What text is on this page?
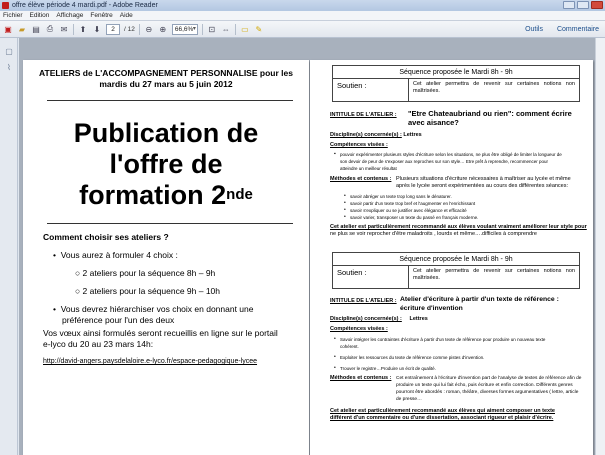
offre élève période 4 mardi.pdf - Adobe Reader
Fichier Edition Affichage Fenêtre Aide
▣ ▰ ▤ ⎙ ✉ ⬆ ⬇	2	/ 12 ⊖ ⊕	66,6% ▾	⊡ ⇔ ▭ ✎	Outils Commentaire
▢
⌇
ATELIERS de L'ACCOMPAGNEMENT PERSONNALISE pour les
mardis du 27 mars au 5 juin 2012
Publication de
l'offre de
formation 2nde
Comment choisir ses ateliers ?
•  Vous aurez à formuler 4 choix :
○ 2 ateliers pour la séquence 8h – 9h
○ 2 ateliers pour la séquence 9h – 10h
•  Vous devrez hiérarchiser vos choix en donnant une
préférence pour l'un des deux
Vos vœux ainsi formulés seront recueillis en ligne sur le portail
e-lyco du 20 au 23 mars 14h:
http://david-angers.paysdelaloire.e-lyco.fr/espace-pedagogique-lycee
Séquence proposée le Mardi 8h - 9h
Soutien :	Cet atelier permettra de revenir sur certaines notions non maîtrisées.
INTITULE DE L'ATELIER : "Etre Chateaubriand ou rien": comment écrire
avec aisance?
Discipline(s) concernée(s) : Lettres
Compétences visées :
▪ pouvoir expérimenter plusieurs styles d'écriture selon les situations, ne plus être obligé de limiter la longueur de
son devoir de peur de s'exposer aux reproches sur son style… Etre prêt à reprendre, recommencer pour
atteindre un meilleur résultat
Méthodes et contenus : Plusieurs situations d'écriture nécessaires à maîtriser au lycée et même
après le lycée seront expérimentées au cours des différentes séances:
• savoir abréger un texte trop long sans le dénaturer.
• savoir partir d'un texte trop bref et l'augmenter en l'enrichissant
• savoir s'expliquer ou se justifier avec élégance et efficacité
• savoir varier, transposer un texte du passé en français moderne.
Cet atelier est particulièrement recommandé aux élèves voulant vraiment améliorer leur style pour
ne plus se voir reprocher d'être maladroits , lourds et même….difficiles à comprendre
Séquence proposée le Mardi 8h - 9h
Soutien :	Cet atelier permettra de revenir sur certaines notions non maîtrisées.
INTITULE DE L'ATELIER : Atelier d'écriture à partir d'un texte de référence :
écriture d'invention
Discipline(s) concernée(s) : Lettres
Compétences visées :
• Savoir intégrer les contraintes d'écriture à partir d'un texte de référence pour produire un nouveau texte
cohérent.
• Exploiter les ressources du texte de référence comme pistes d'invention.
• Trouver le registre…Produire un écrit de qualité.
Méthodes et contenus : Cet entraînement à l'écriture d'invention part de l'analyse de textes de référence afin de
produire un texte qui lui fait écho, puis écriture et enfin correction. Différents genres
pourront être abordés : roman, théâtre, diverses formes argumentatives ( lettre, article
de presse…
Cet atelier est particulièrement recommandé aux élèves qui aiment composer un texte
différent d'un commentaire ou d'une dissertation, associant rigueur et plaisir d'écrire.
